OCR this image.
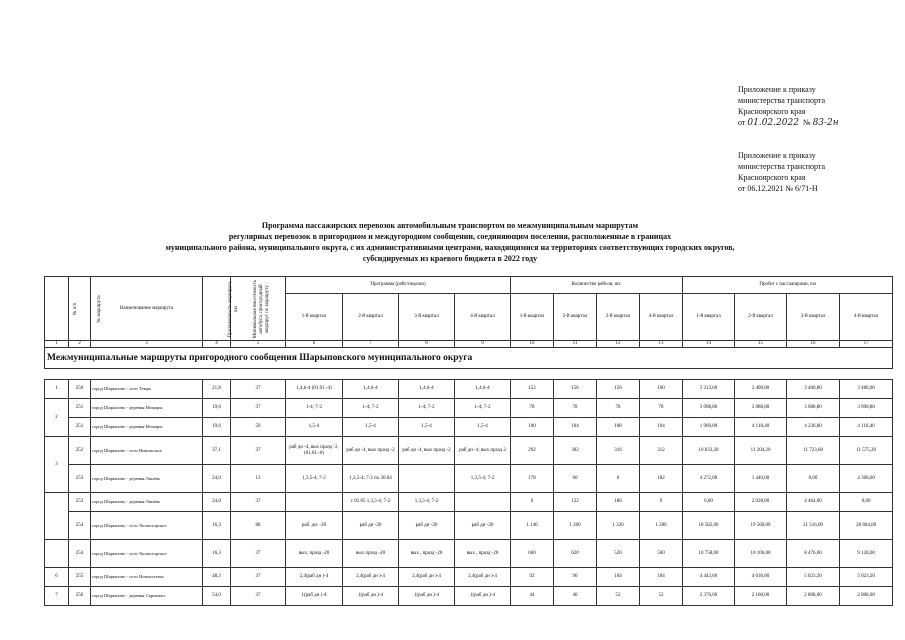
Приложение к приказу
министерства транспорта
Красноярского края
от 01.02.2022 № 83-2н
Приложение к приказу
министерства транспорта
Красноярского края
от 06.12.2021 № 6/71-Н
Программа пассажирских перевозок автомобильным транспортом по межмуниципальным маршрутам
регулярных перевозок в пригородном и междугородном сообщении, соединяющим поселения, расположенные в границах
муниципального района, муниципального округа, с их административными центрами, находящимися на территориях соответствующих городских округов,
субсидируемых из краевого бюджета в 2022 году
№ п/п	№ маршрута	Наименование маршрута	Протяженность маршрута, км	Минимальная вместимость автобуса, пригородный маршрут по маршруту	Программа (рейс/неделю)				Количество рейсов, шт.				Пробег с пассажирами, км			
					1-й квартал	2-й квартал	3-й квартал	4-й квартал	1-й квартал	2-й квартал	3-й квартал	4-й квартал	1-й квартал	2-й квартал	3-й квартал	4-й квартал
1	2	3	4	5	6	7	8	9	10	11	12	13	14	15	16	17
Межмуниципальные маршруты пригородного сообщения Шарыповского муниципального округа																

1	250	город Шарыпово - село Темра	21,8	37	1,4,6-4 (01.01.-4)	1,4,6-4	1,4,6-4	1,4,6-4	152	156	156	160	3 313,60	3 400,80	3 400,80	3 488,00
2	251	город Шарыпово - деревня Можары	19,6	37	1-4; 7-2	1-4; 7-2	1-4; 7-2	1-4; 7-2	78	78	78	78	3 098,80	3 088,80	3 088,80	3 098,80
	251	город Шарыпово - деревня Можары	19,6	50	1,5-4	1,5-4	1,5-4	1,5-4	100	104	108	104	1 960,00	4 118,40	4 236,80	4 118,40
3	252	город Шарыпово - село Никольское	37,1	37	раб дн -4, вых празд -2, (01.01.-0)	раб дн -4, вых празд -2	раб дн -4, вых празд -2	раб дн -4; вых празд 2	292	302	316	312	10 833,20	11 204,20	11 723,60	11 575,20
	253	город Шарыпово - деревня Линёво	24,0	13	1,3,5-4; 7-2	1,3,5-4; 7-2 по 30.04		1,3,5-4; 7-2	178	60	0	182	4 272,00	1 440,00	0,00	4 368,00
	253	город Шарыпово - деревня Линёво	24,0	37		с 01.05 1,3,5-4; 7-2	1,3,5-4; 7-2		0	122	186	0	0,00	2 928,00	4 464,00	0,00
	254	город Шарыпово - село Холмогорское	16,3	88	раб. дн. -20	раб дн -20	раб дн -20	раб дн -20	1 140	1 200	1 320	1 280	18 582,00	19 560,00	21 516,00	20 864,00
	254	город Шарыпово - село Холмогорское	16,3	37	вых, празд -20	вых празд -20	вых , празд -20	вых , празд -20	660	620	520	560	10 758,00	10 106,00	8 476,00	9 128,00
6	255	город Шарыпово - село Новоалтатка	48,3	37	2,4(раб дн )-4	2,4(раб дн )-4	2,4(раб дн )-4	2,4(раб дн )-4	92	96	104	104	4 443,60	4 636,80	5 023,20	5 023,20
7	256	город Шарыпово - деревня Скрипачи	54,0	37	1(раб дн )-4	1(раб дн )-4	1(раб дн )-4	1(раб дн )-4	44	40	52	52	2 376,00	2 160,00	2 808,00	2 808,00
